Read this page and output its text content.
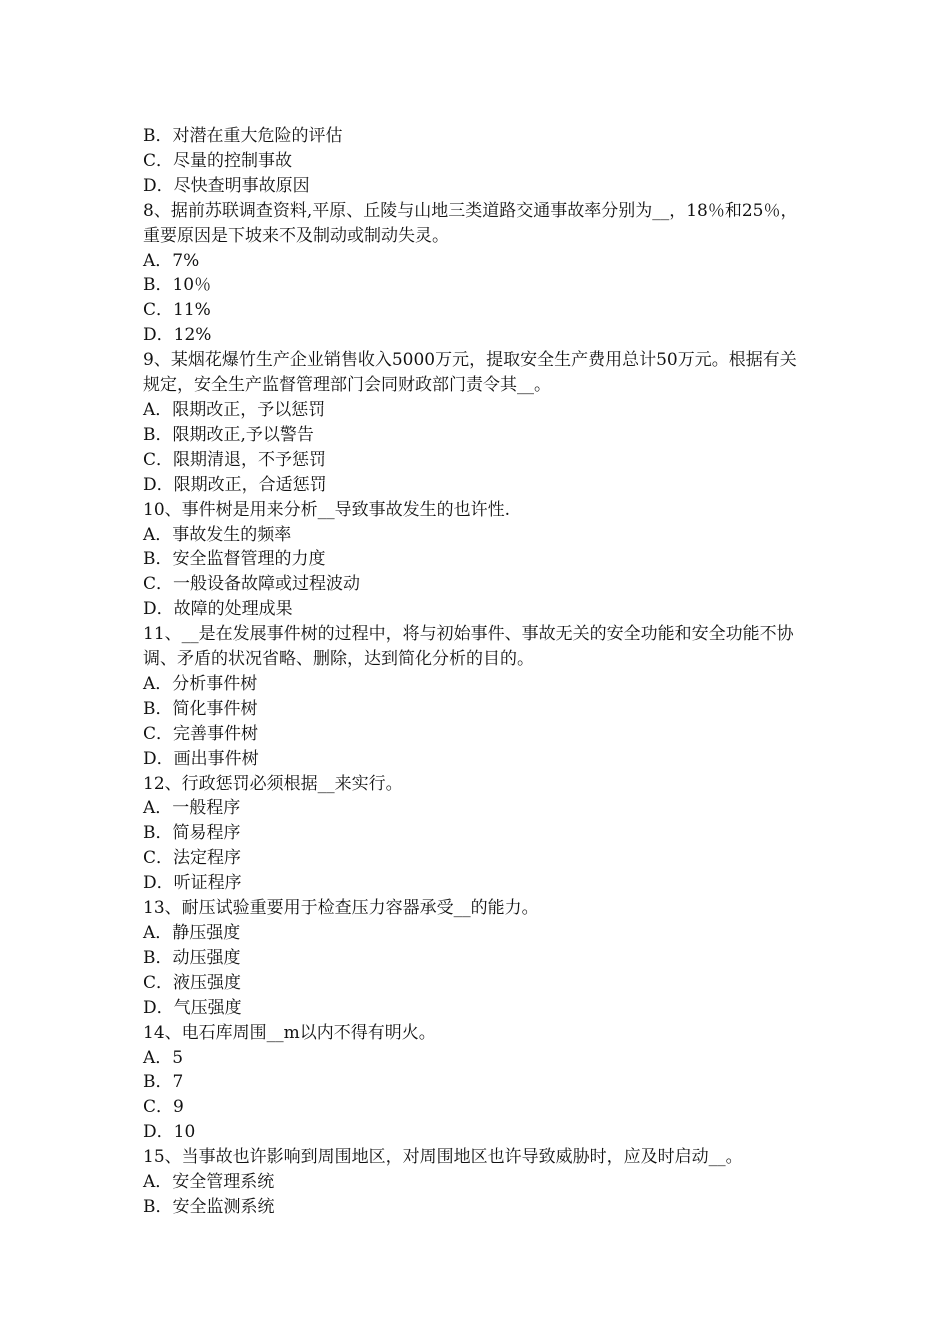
B．对潜在重大危险的评估
C．尽量的控制事故
D．尽快查明事故原因
8、据前苏联调查资料,平原、丘陵与山地三类道路交通事故率分别为__，18％和25％，重要原因是下坡来不及制动或制动失灵。
A．7%
B．10％
C．11%
D．12%
9、某烟花爆竹生产企业销售收入5000万元，提取安全生产费用总计50万元。根据有关规定，安全生产监督管理部门会同财政部门责令其__。
A．限期改正，予以惩罚
B．限期改正,予以警告
C．限期清退，不予惩罚
D．限期改正，合适惩罚
10、事件树是用来分析__导致事故发生的也许性.
A．事故发生的频率
B．安全监督管理的力度
C．一般设备故障或过程波动
D．故障的处理成果
11、__是在发展事件树的过程中，将与初始事件、事故无关的安全功能和安全功能不协调、矛盾的状况省略、删除，达到简化分析的目的。
A．分析事件树
B．简化事件树
C．完善事件树
D．画出事件树
12、行政惩罚必须根据__来实行。
A．一般程序
B．简易程序
C．法定程序
D．听证程序
13、耐压试验重要用于检查压力容器承受__的能力。
A．静压强度
B．动压强度
C．液压强度
D．气压强度
14、电石库周围__m以内不得有明火。
A．5
B．7
C．9
D．10
15、当事故也许影响到周围地区，对周围地区也许导致威胁时，应及时启动__。
A．安全管理系统
B．安全监测系统
